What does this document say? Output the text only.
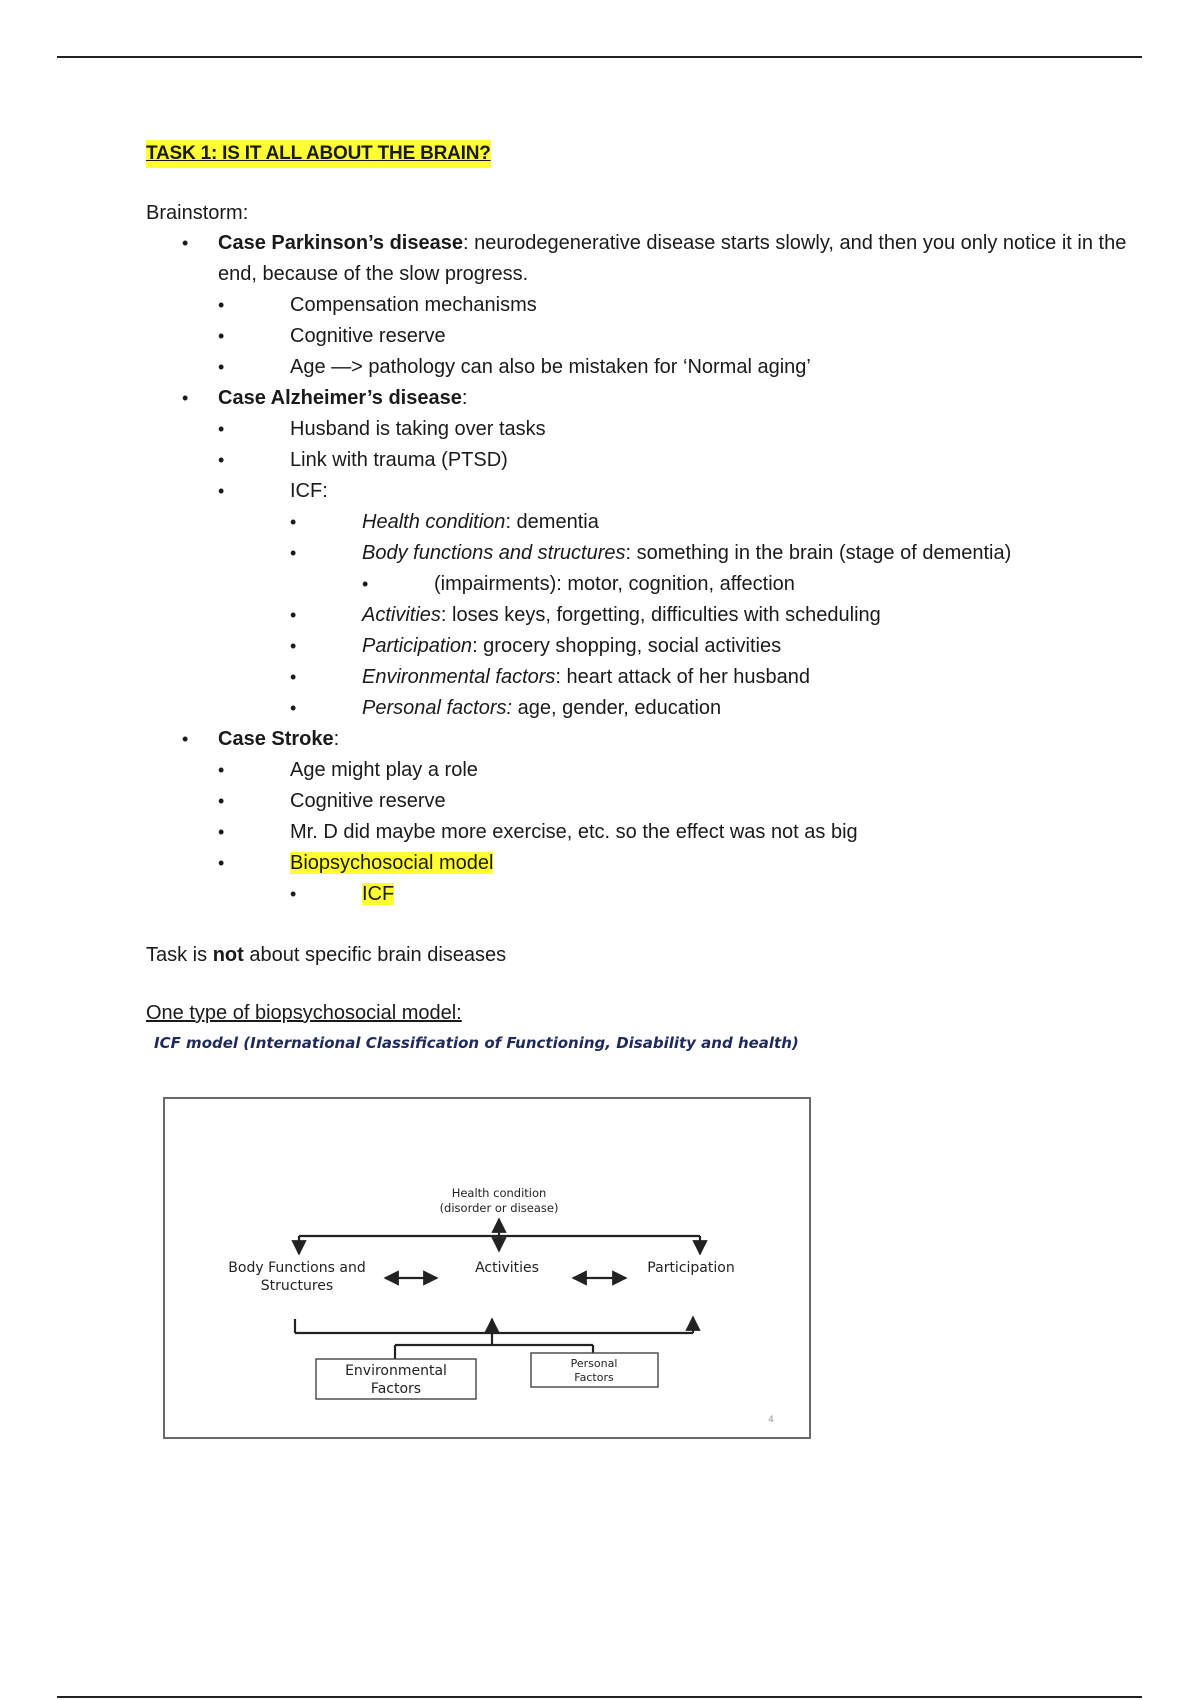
TASK 1: IS IT ALL ABOUT THE BRAIN?

Brainstorm:

• Case Parkinson’s disease: neurodegenerative disease starts slowly, and then you only notice it in the end, because of the slow progress.
• Compensation mechanisms
• Cognitive reserve
• Age —> pathology can also be mistaken for ‘Normal aging’
• Case Alzheimer’s disease:
• Husband is taking over tasks
• Link with trauma (PTSD)
• ICF:
• Health condition: dementia
• Body functions and structures: something in the brain (stage of dementia)
• (impairments): motor, cognition, affection
• Activities: loses keys, forgetting, difficulties with scheduling
• Participation: grocery shopping, social activities
• Environmental factors: heart attack of her husband
• Personal factors: age, gender, education
• Case Stroke:
• Age might play a role
• Cognitive reserve
• Mr. D did maybe more exercise, etc. so the effect was not as big
• Biopsychosocial model
• ICF

Task is not about specific brain diseases

One type of biopsychosocial model:

ICF model (International Classification of Functioning, Disability and health)
Health condition
(disorder or disease)
Body Functions and
Structures
Activities	Participation
Environmental
Factors
Personal
Factors
4
